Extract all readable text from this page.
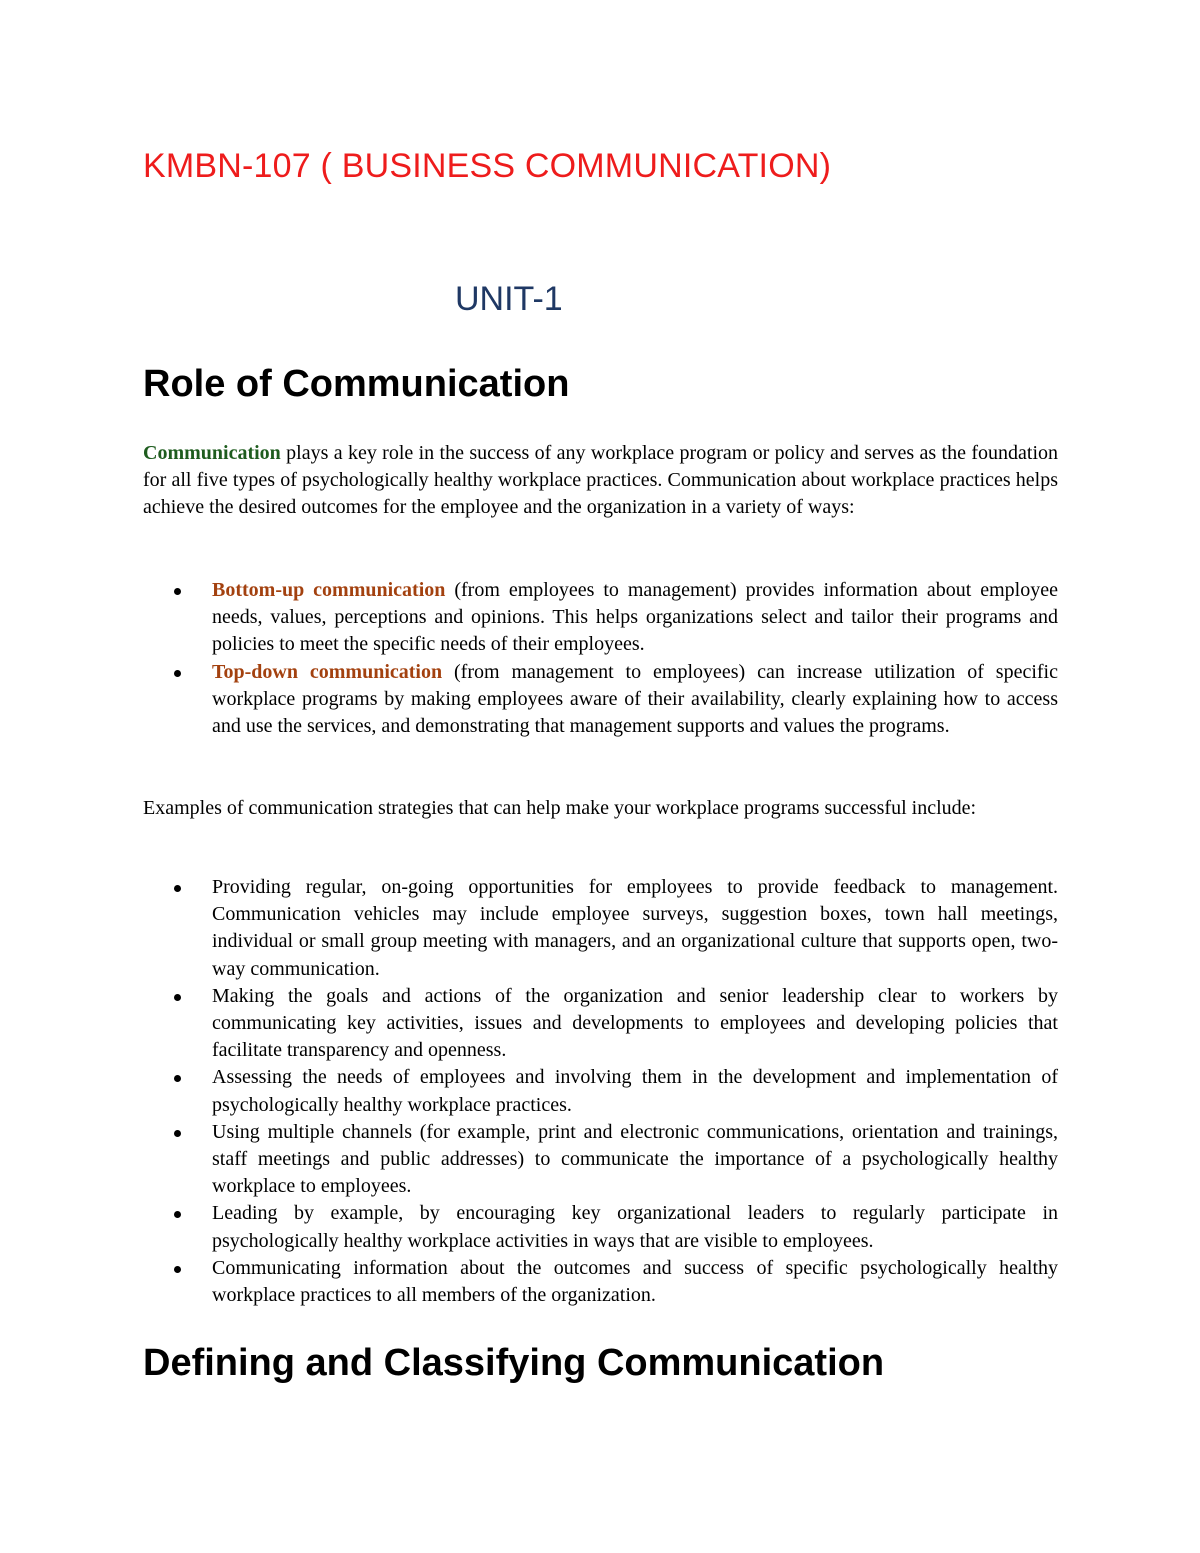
KMBN-107 ( BUSINESS COMMUNICATION)
UNIT-1
Role of Communication

Communication plays a key role in the success of any workplace program or policy and serves as the foundation for all five types of psychologically healthy workplace practices. Communication about workplace practices helps achieve the desired outcomes for the employee and the organization in a variety of ways:

Bottom-up communication (from employees to management) provides information about employee needs, values, perceptions and opinions. This helps organizations select and tailor their programs and policies to meet the specific needs of their employees.
Top-down communication (from management to employees) can increase utilization of specific workplace programs by making employees aware of their availability, clearly explaining how to access and use the services, and demonstrating that management supports and values the programs.

Examples of communication strategies that can help make your workplace programs successful include:

Providing regular, on-going opportunities for employees to provide feedback to management. Communication vehicles may include employee surveys, suggestion boxes, town hall meetings, individual or small group meeting with managers, and an organizational culture that supports open, two-way communication.
Making the goals and actions of the organization and senior leadership clear to workers by communicating key activities, issues and developments to employees and developing policies that facilitate transparency and openness.
Assessing the needs of employees and involving them in the development and implementation of psychologically healthy workplace practices.
Using multiple channels (for example, print and electronic communications, orientation and trainings, staff meetings and public addresses) to communicate the importance of a psychologically healthy workplace to employees.
Leading by example, by encouraging key organizational leaders to regularly participate in psychologically healthy workplace activities in ways that are visible to employees.
Communicating information about the outcomes and success of specific psychologically healthy workplace practices to all members of the organization.
Defining and Classifying Communication
